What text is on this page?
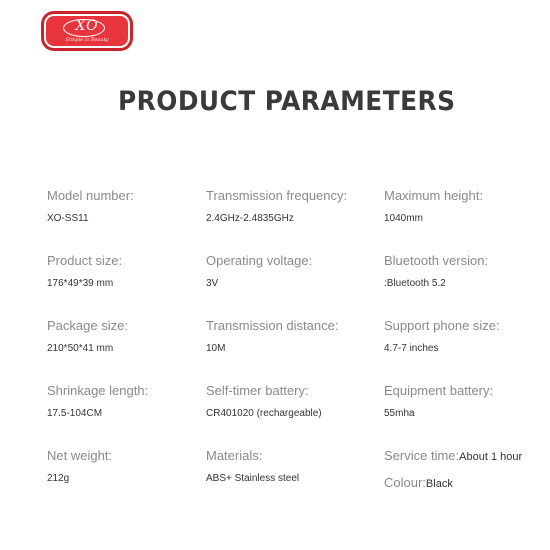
XO
Simple Is Beauty
PRODUCT PARAMETERS
Model number:
XO-SS11
Transmission frequency:
2.4GHz-2.4835GHz
Maximum height:
1040mm
Product size:
176*49*39 mm
Operating voltage:
3V
Bluetooth version:
:Bluetooth 5.2
Package size:
210*50*41 mm
Transmission distance:
10M
Support phone size:
4.7-7 inches
Shrinkage length:
17.5-104CM
Self-timer battery:
CR401020 (rechargeable)
Equipment battery:
55mha
Net weight:
212g
Materials:
ABS+ Stainless steel
Service time:About 1 hour
Colour:Black
